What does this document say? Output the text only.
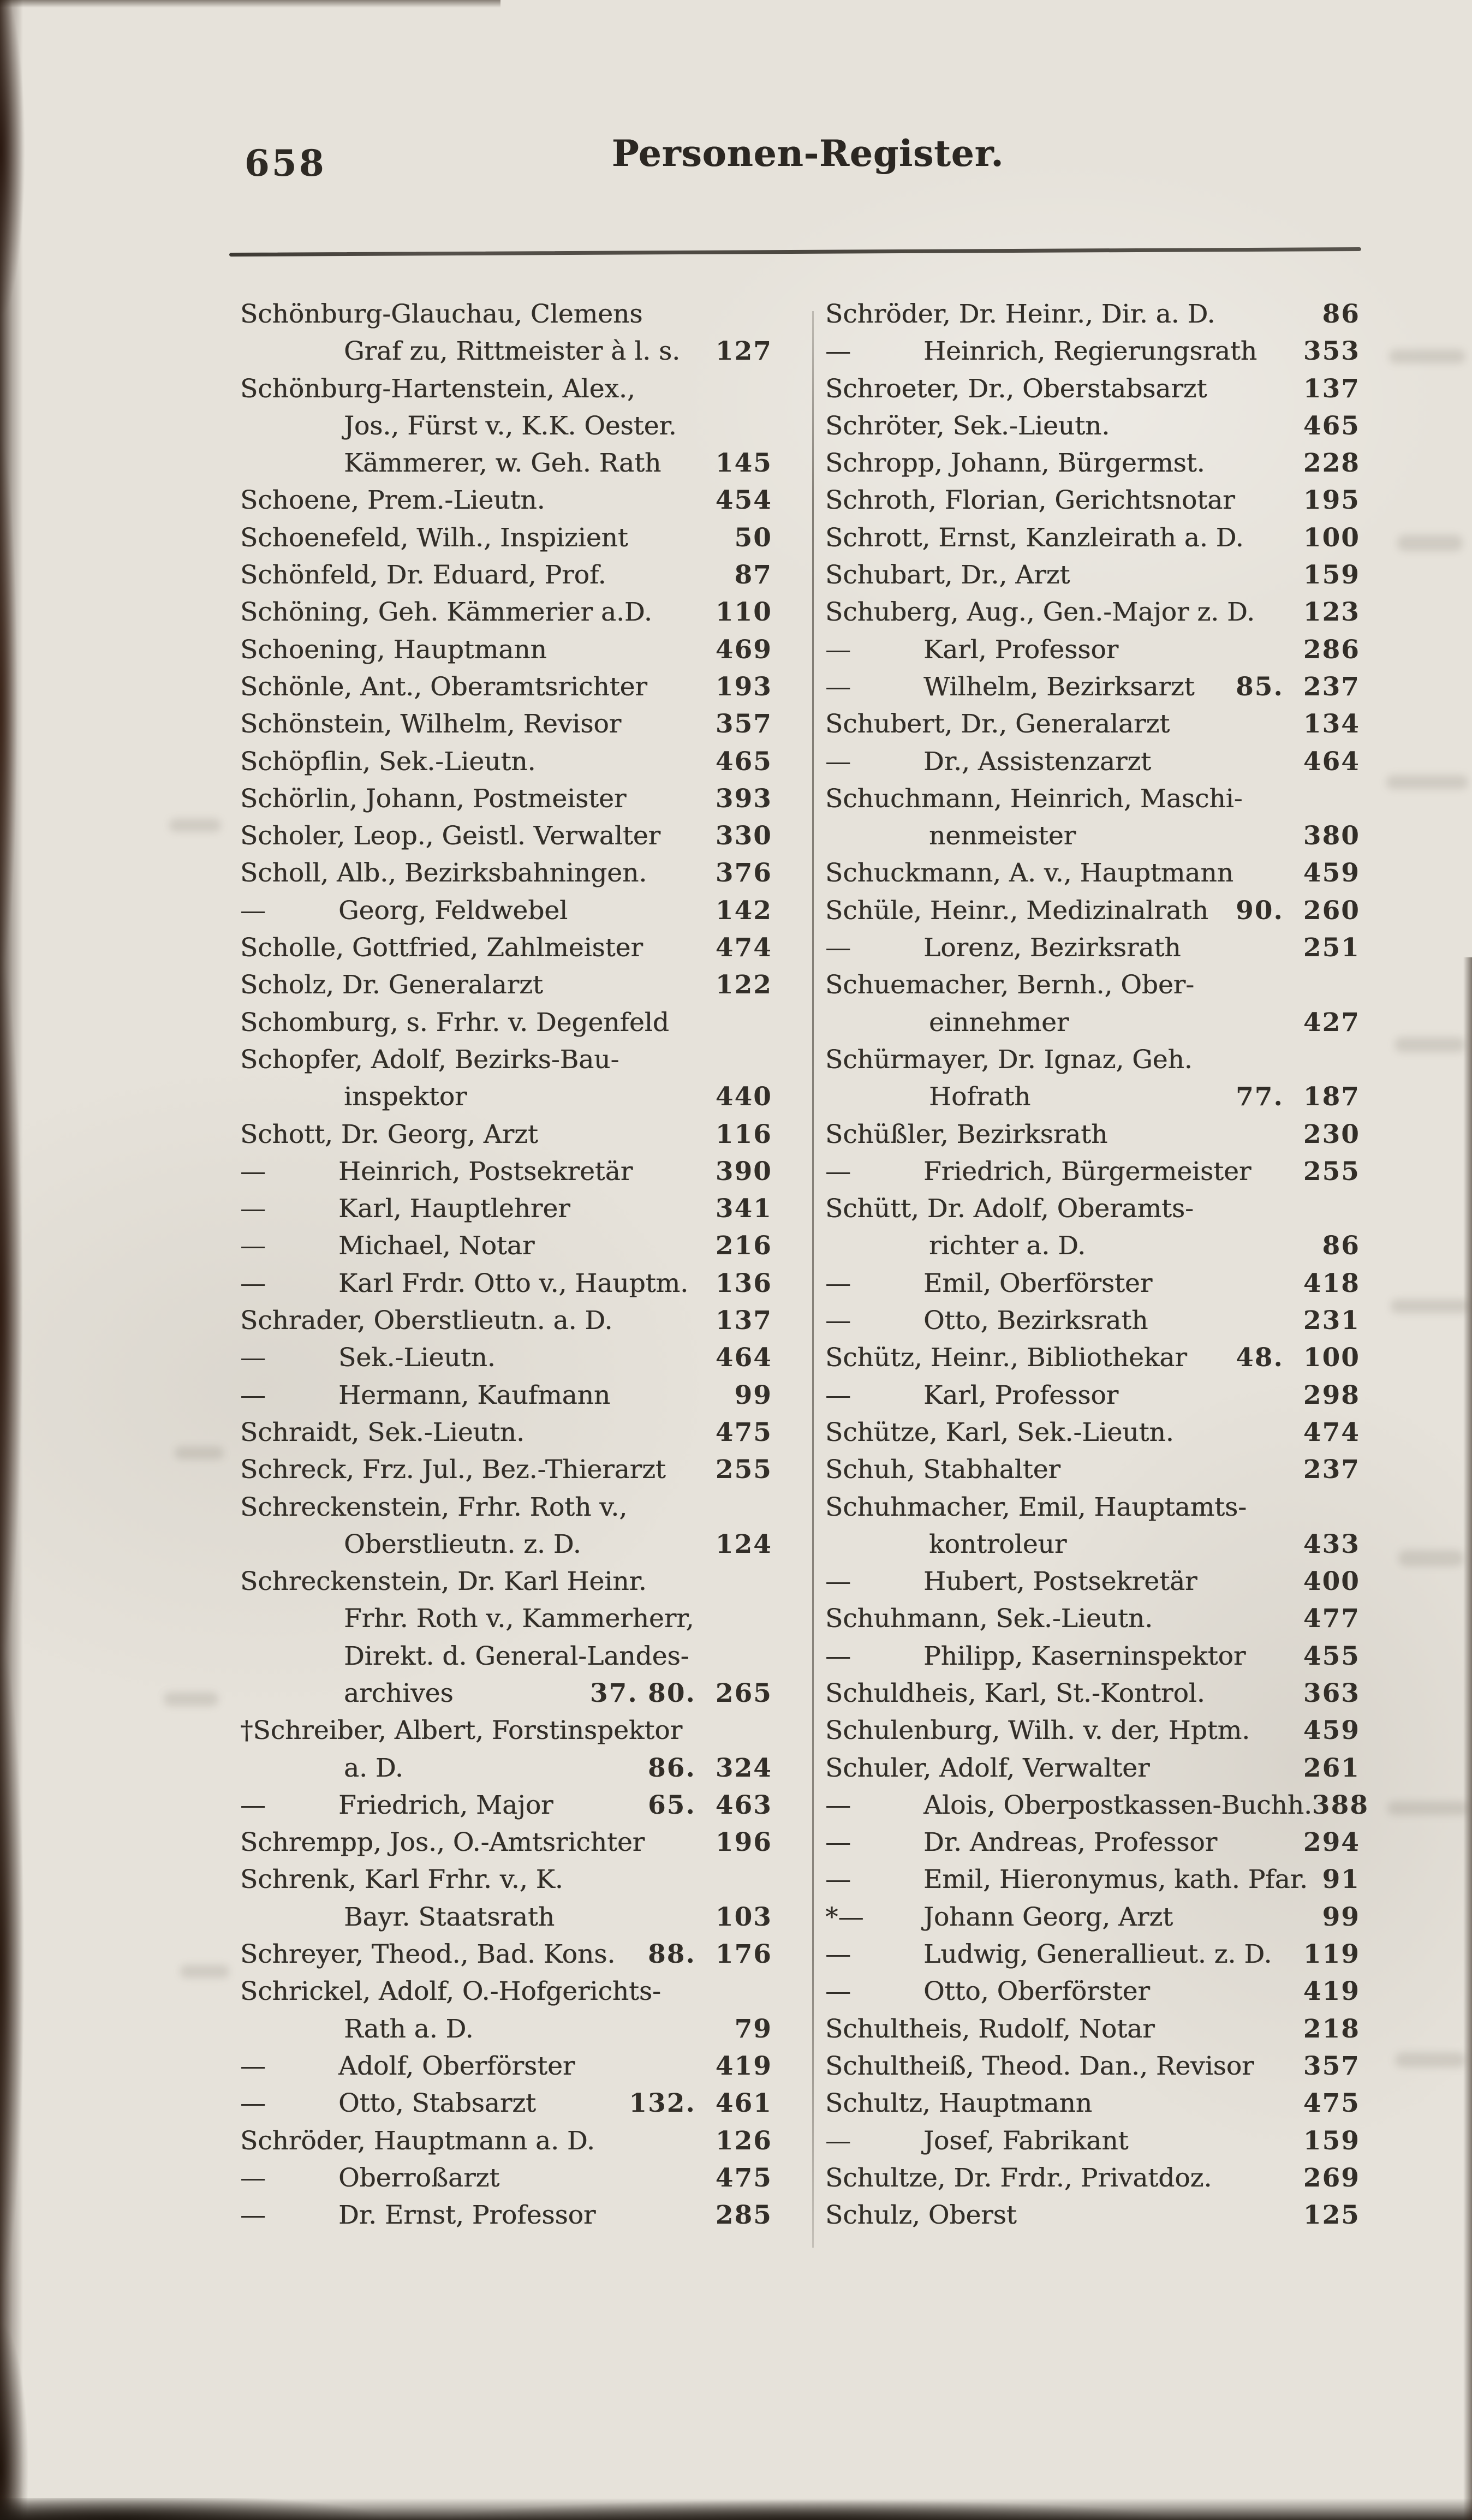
658	Personen-Register.
Schönburg-Glauchau, Clemens
Graf zu, Rittmeister à l. s. 127
Schönburg-Hartenstein, Alex.,
Jos., Fürst v., K.K. Oester.
Kämmerer, w. Geh. Rath 145
Schoene, Prem.-Lieutn.	454
Schoenefeld, Wilh., Inspizient	50
Schönfeld, Dr. Eduard, Prof.	87
Schöning, Geh. Kämmerier a.D. 110
Schoening, Hauptmann	469
Schönle, Ant., Oberamtsrichter	193
Schönstein, Wilhelm, Revisor	357
Schöpflin, Sek.-Lieutn.	465
Schörlin, Johann, Postmeister	393
Scholer, Leop., Geistl. Verwalter 330
Scholl, Alb., Bezirksbahningen.	376
—	Georg, Feldwebel	142
Scholle, Gottfried, Zahlmeister	474
Scholz, Dr. Generalarzt	122
Schomburg, s. Frhr. v. Degenfeld
Schopfer, Adolf, Bezirks-Bau-
inspektor	440
Schott, Dr. Georg, Arzt	116
—	Heinrich, Postsekretär	390
—	Karl, Hauptlehrer	341
—	Michael, Notar	216
—	Karl Frdr. Otto v., Hauptm. 136
Schrader, Oberstlieutn. a. D.	137
—	Sek.-Lieutn.	464
—	Hermann, Kaufmann	99
Schraidt, Sek.-Lieutn.	475
Schreck, Frz. Jul., Bez.-Thierarzt 255
Schreckenstein, Frhr. Roth v.,
Oberstlieutn. z. D.	124
Schreckenstein, Dr. Karl Heinr.
Frhr. Roth v., Kammerherr,
Direkt. d. General-Landes-
archives	37. 80. 265
†Schreiber, Albert, Forstinspektor
a. D.	86. 324
—	Friedrich, Major	65. 463
Schrempp, Jos., O.-Amtsrichter	196
Schrenk, Karl Frhr. v., K.
Bayr. Staatsrath	103
Schreyer, Theod., Bad. Kons. 88. 176
Schrickel, Adolf, O.-Hofgerichts-
Rath a. D.	79
—	Adolf, Oberförster	419
—	Otto, Stabsarzt	132. 461
Schröder, Hauptmann a. D.	126
—	Oberroßarzt	475
—	Dr. Ernst, Professor	285
Schröder, Dr. Heinr., Dir. a. D.	86
—	Heinrich, Regierungsrath 353
Schroeter, Dr., Oberstabsarzt	137
Schröter, Sek.-Lieutn.	465
Schropp, Johann, Bürgermst.	228
Schroth, Florian, Gerichtsnotar	195
Schrott, Ernst, Kanzleirath a. D. 100
Schubart, Dr., Arzt	159
Schuberg, Aug., Gen.-Major z. D. 123
—	Karl, Professor	286
—	Wilhelm, Bezirksarzt 85. 237
Schubert, Dr., Generalarzt	134
—	Dr., Assistenzarzt	464
Schuchmann, Heinrich, Maschi-
nenmeister	380
Schuckmann, A. v., Hauptmann	459
Schüle, Heinr., Medizinalrath 90. 260
—	Lorenz, Bezirksrath	251
Schuemacher, Bernh., Ober-
einnehmer	427
Schürmayer, Dr. Ignaz, Geh.
Hofrath	77. 187
Schüßler, Bezirksrath	230
—	Friedrich, Bürgermeister 255
Schütt, Dr. Adolf, Oberamts-
richter a. D.	86
—	Emil, Oberförster	418
—	Otto, Bezirksrath	231
Schütz, Heinr., Bibliothekar 48. 100
—	Karl, Professor	298
Schütze, Karl, Sek.-Lieutn.	474
Schuh, Stabhalter	237
Schuhmacher, Emil, Hauptamts-
kontroleur	433
—	Hubert, Postsekretär	400
Schuhmann, Sek.-Lieutn.	477
—	Philipp, Kaserninspektor 455
Schuldheis, Karl, St.-Kontrol.	363
Schulenburg, Wilh. v. der, Hptm. 459
Schuler, Adolf, Verwalter	261
—	Alois, Oberpostkassen-Buchh. 388
—	Dr. Andreas, Professor	294
—	Emil, Hieronymus, kath. Pfar. 91
*—	Johann Georg, Arzt	99
—	Ludwig, Generallieut. z. D. 119
—	Otto, Oberförster	419
Schultheis, Rudolf, Notar	218
Schultheiß, Theod. Dan., Revisor 357
Schultz, Hauptmann	475
—	Josef, Fabrikant	159
Schultze, Dr. Frdr., Privatdoz.	269
Schulz, Oberst	125
